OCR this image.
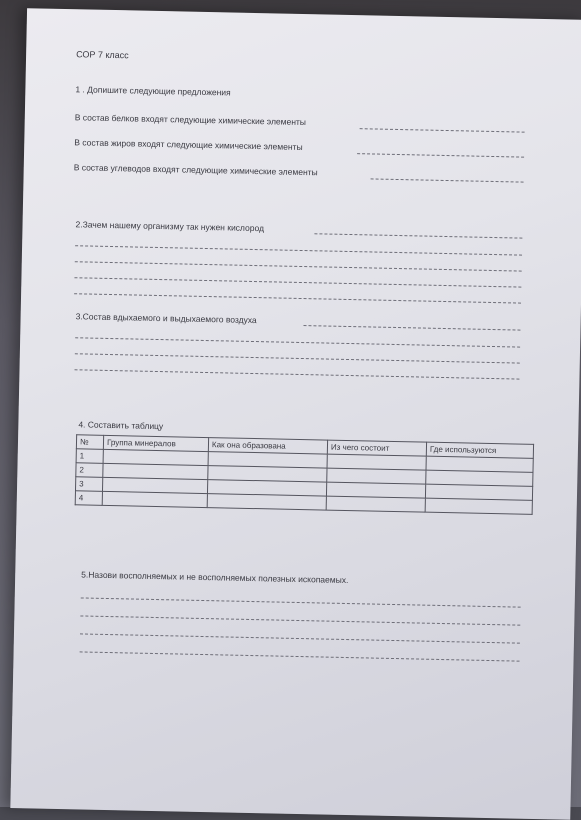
СОР 7 класс
1 . Допишите следующие предложения
В состав белков входят следующие химические элементы
В состав жиров входят следующие химические элементы
В состав углеводов входят следующие химические элементы
2.Зачем нашему организму так нужен кислород
3.Состав вдыхаемого и выдыхаемого воздуха
4. Составить таблицу
№	Группа минералов	Как она образована	Из чего состоит	Где используются
1				
2				
3				
4				
5.Назови восполняемых и не восполняемых полезных ископаемых.
